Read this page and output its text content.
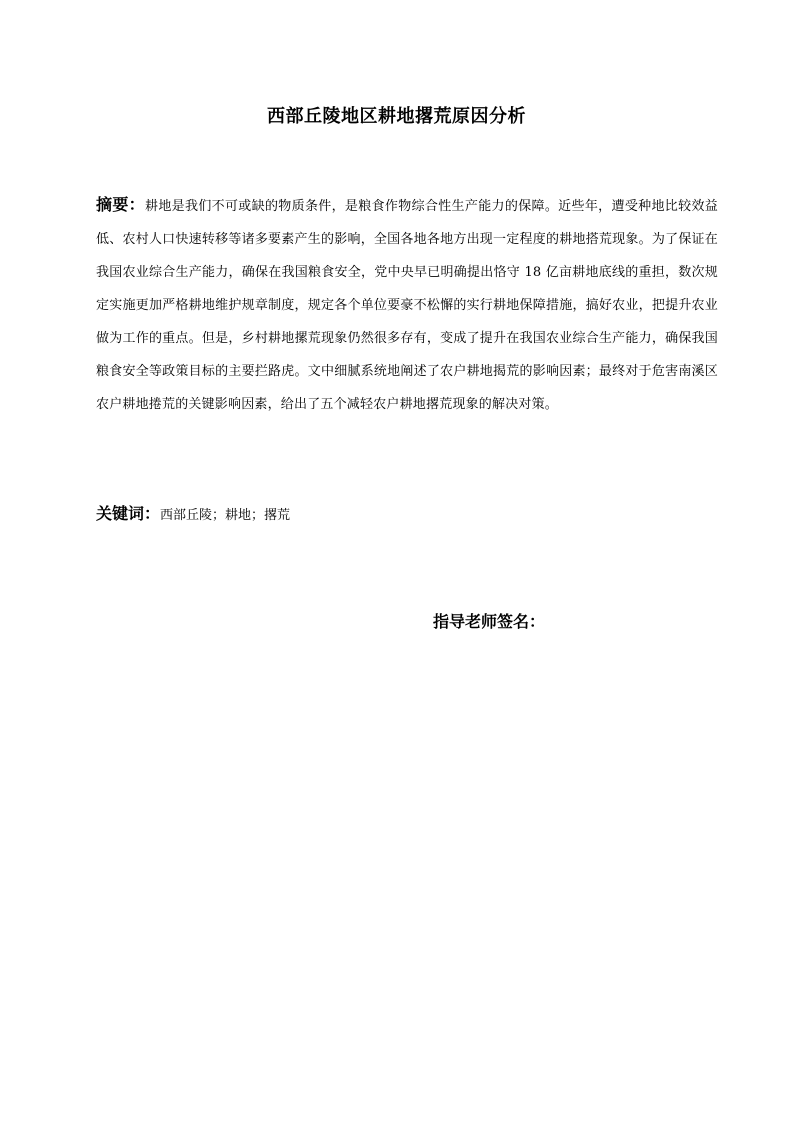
西部丘陵地区耕地撂荒原因分析
摘要：耕地是我们不可或缺的物质条件，是粮食作物综合性生产能力的保障。近些年，遭受种地比较效益低、农村人口快速转移等诸多要素产生的影响，全国各地各地方出现一定程度的耕地搭荒现象。为了保证在我国农业综合生产能力，确保在我国粮食安全，党中央早已明确提出恪守 18 亿亩耕地底线的重担，数次规定实施更加严格耕地维护规章制度，规定各个单位要豪不松懈的实行耕地保障措施，搞好农业，把提升农业做为工作的重点。但是，乡村耕地摞荒现象仍然很多存有，变成了提升在我国农业综合生产能力，确保我国粮食安全等政策目标的主要拦路虎。文中细腻系统地阐述了农户耕地揭荒的影响因素；最终对于危害南溪区农户耕地捲荒的关键影响因素，给出了五个减轻农户耕地撂荒现象的解决对策。
关键词：西部丘陵；耕地；撂荒
指导老师签名：
